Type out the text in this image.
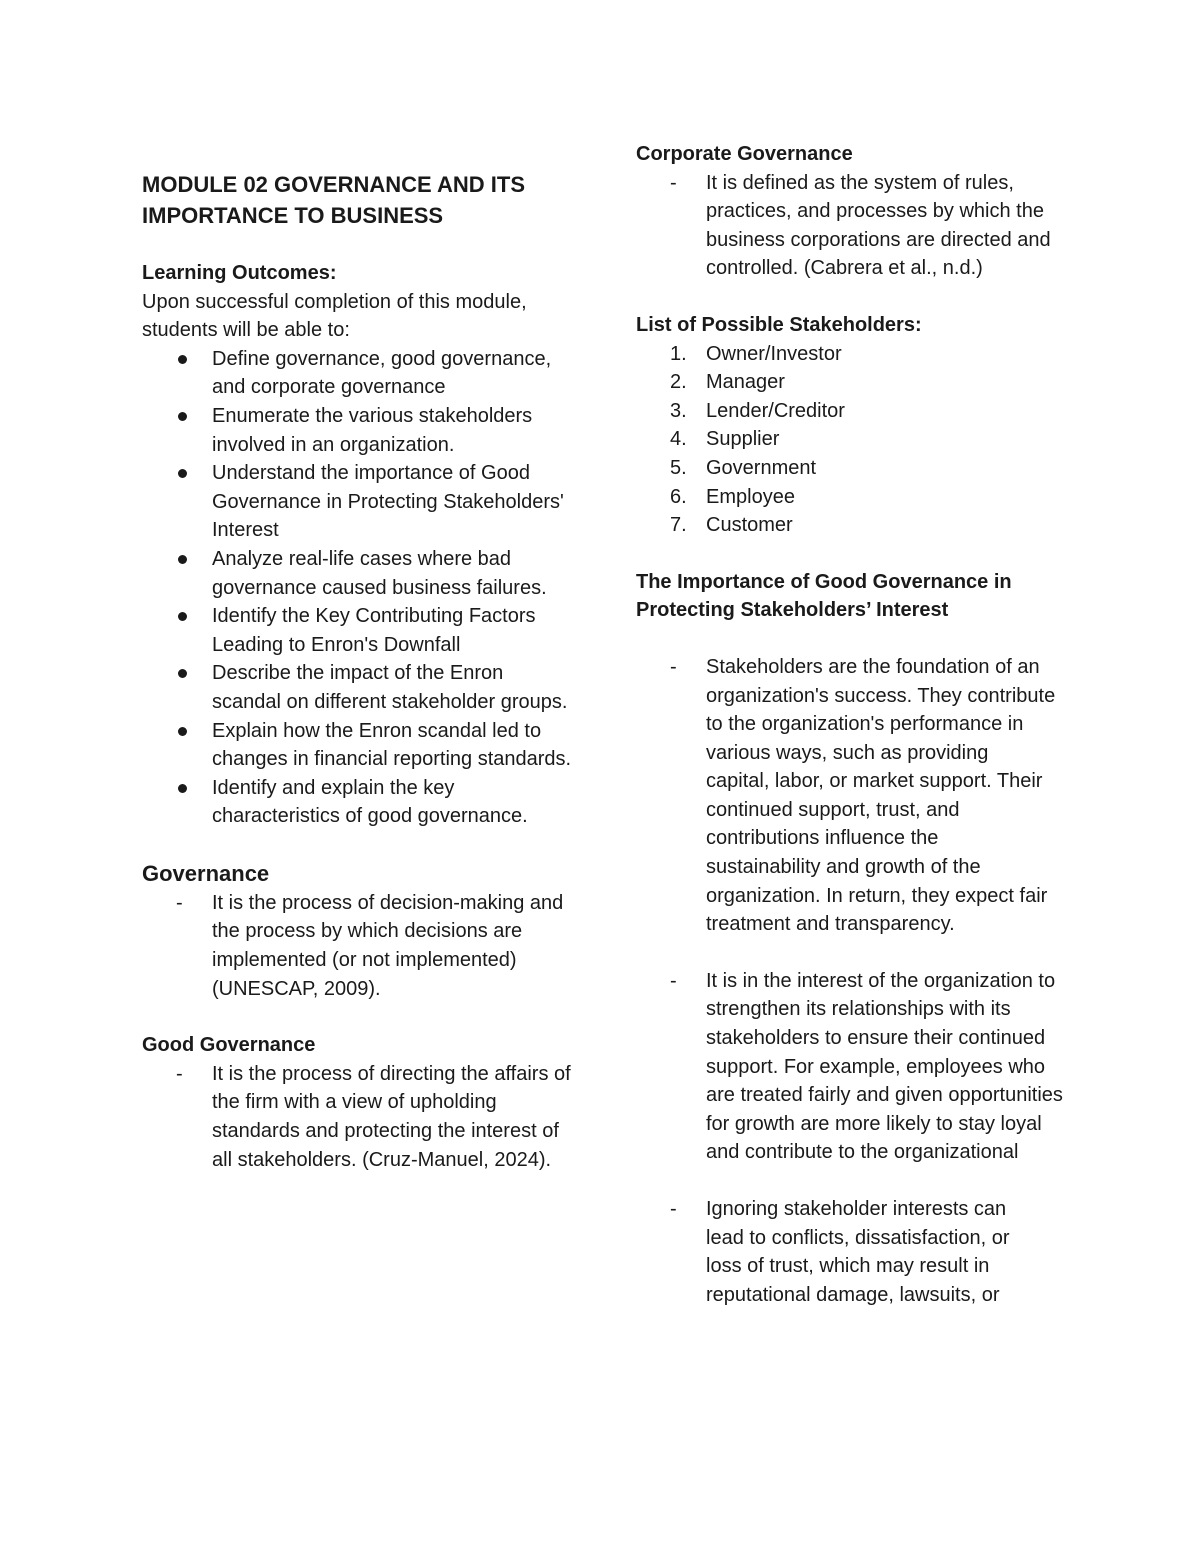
MODULE 02 GOVERNANCE AND ITS
IMPORTANCE TO BUSINESS

Learning Outcomes:

Upon successful completion of this module, students will be able to:

Define governance, good governance, and corporate governance
Enumerate the various stakeholders involved in an organization.
Understand the importance of Good Governance in Protecting Stakeholders' Interest
Analyze real-life cases where bad governance caused business failures.
Identify the Key Contributing Factors Leading to Enron's Downfall
Describe the impact of the Enron scandal on different stakeholder groups.
Explain how the Enron scandal led to changes in financial reporting standards.
Identify and explain the key characteristics of good governance.
Governance
- It is the process of decision-making and the process by which decisions are implemented (or not implemented) (UNESCAP, 2009).

Good Governance

- It is the process of directing the affairs of the firm with a view of upholding standards and protecting the interest of all stakeholders. (Cruz-Manuel, 2024).

Corporate Governance

- It is defined as the system of rules, practices, and processes by which the business corporations are directed and controlled. (Cabrera et al., n.d.)

List of Possible Stakeholders:

1. Owner/Investor
2. Manager
3. Lender/Creditor
4. Supplier
5. Government
6. Employee
7. Customer

The Importance of Good Governance in
Protecting Stakeholders’ Interest

- Stakeholders are the foundation of an organization's success. They contribute to the organization's performance in various ways, such as providing capital, labor, or market support. Their continued support, trust, and contributions influence the sustainability and growth of the organization. In return, they expect fair treatment and transparency.
- It is in the interest of the organization to strengthen its relationships with its stakeholders to ensure their continued support. For example, employees who are treated fairly and given opportunities for growth are more likely to stay loyal and contribute to the organizational
- Ignoring stakeholder interests can lead to conflicts, dissatisfaction, or loss of trust, which may result in reputational damage, lawsuits, or
